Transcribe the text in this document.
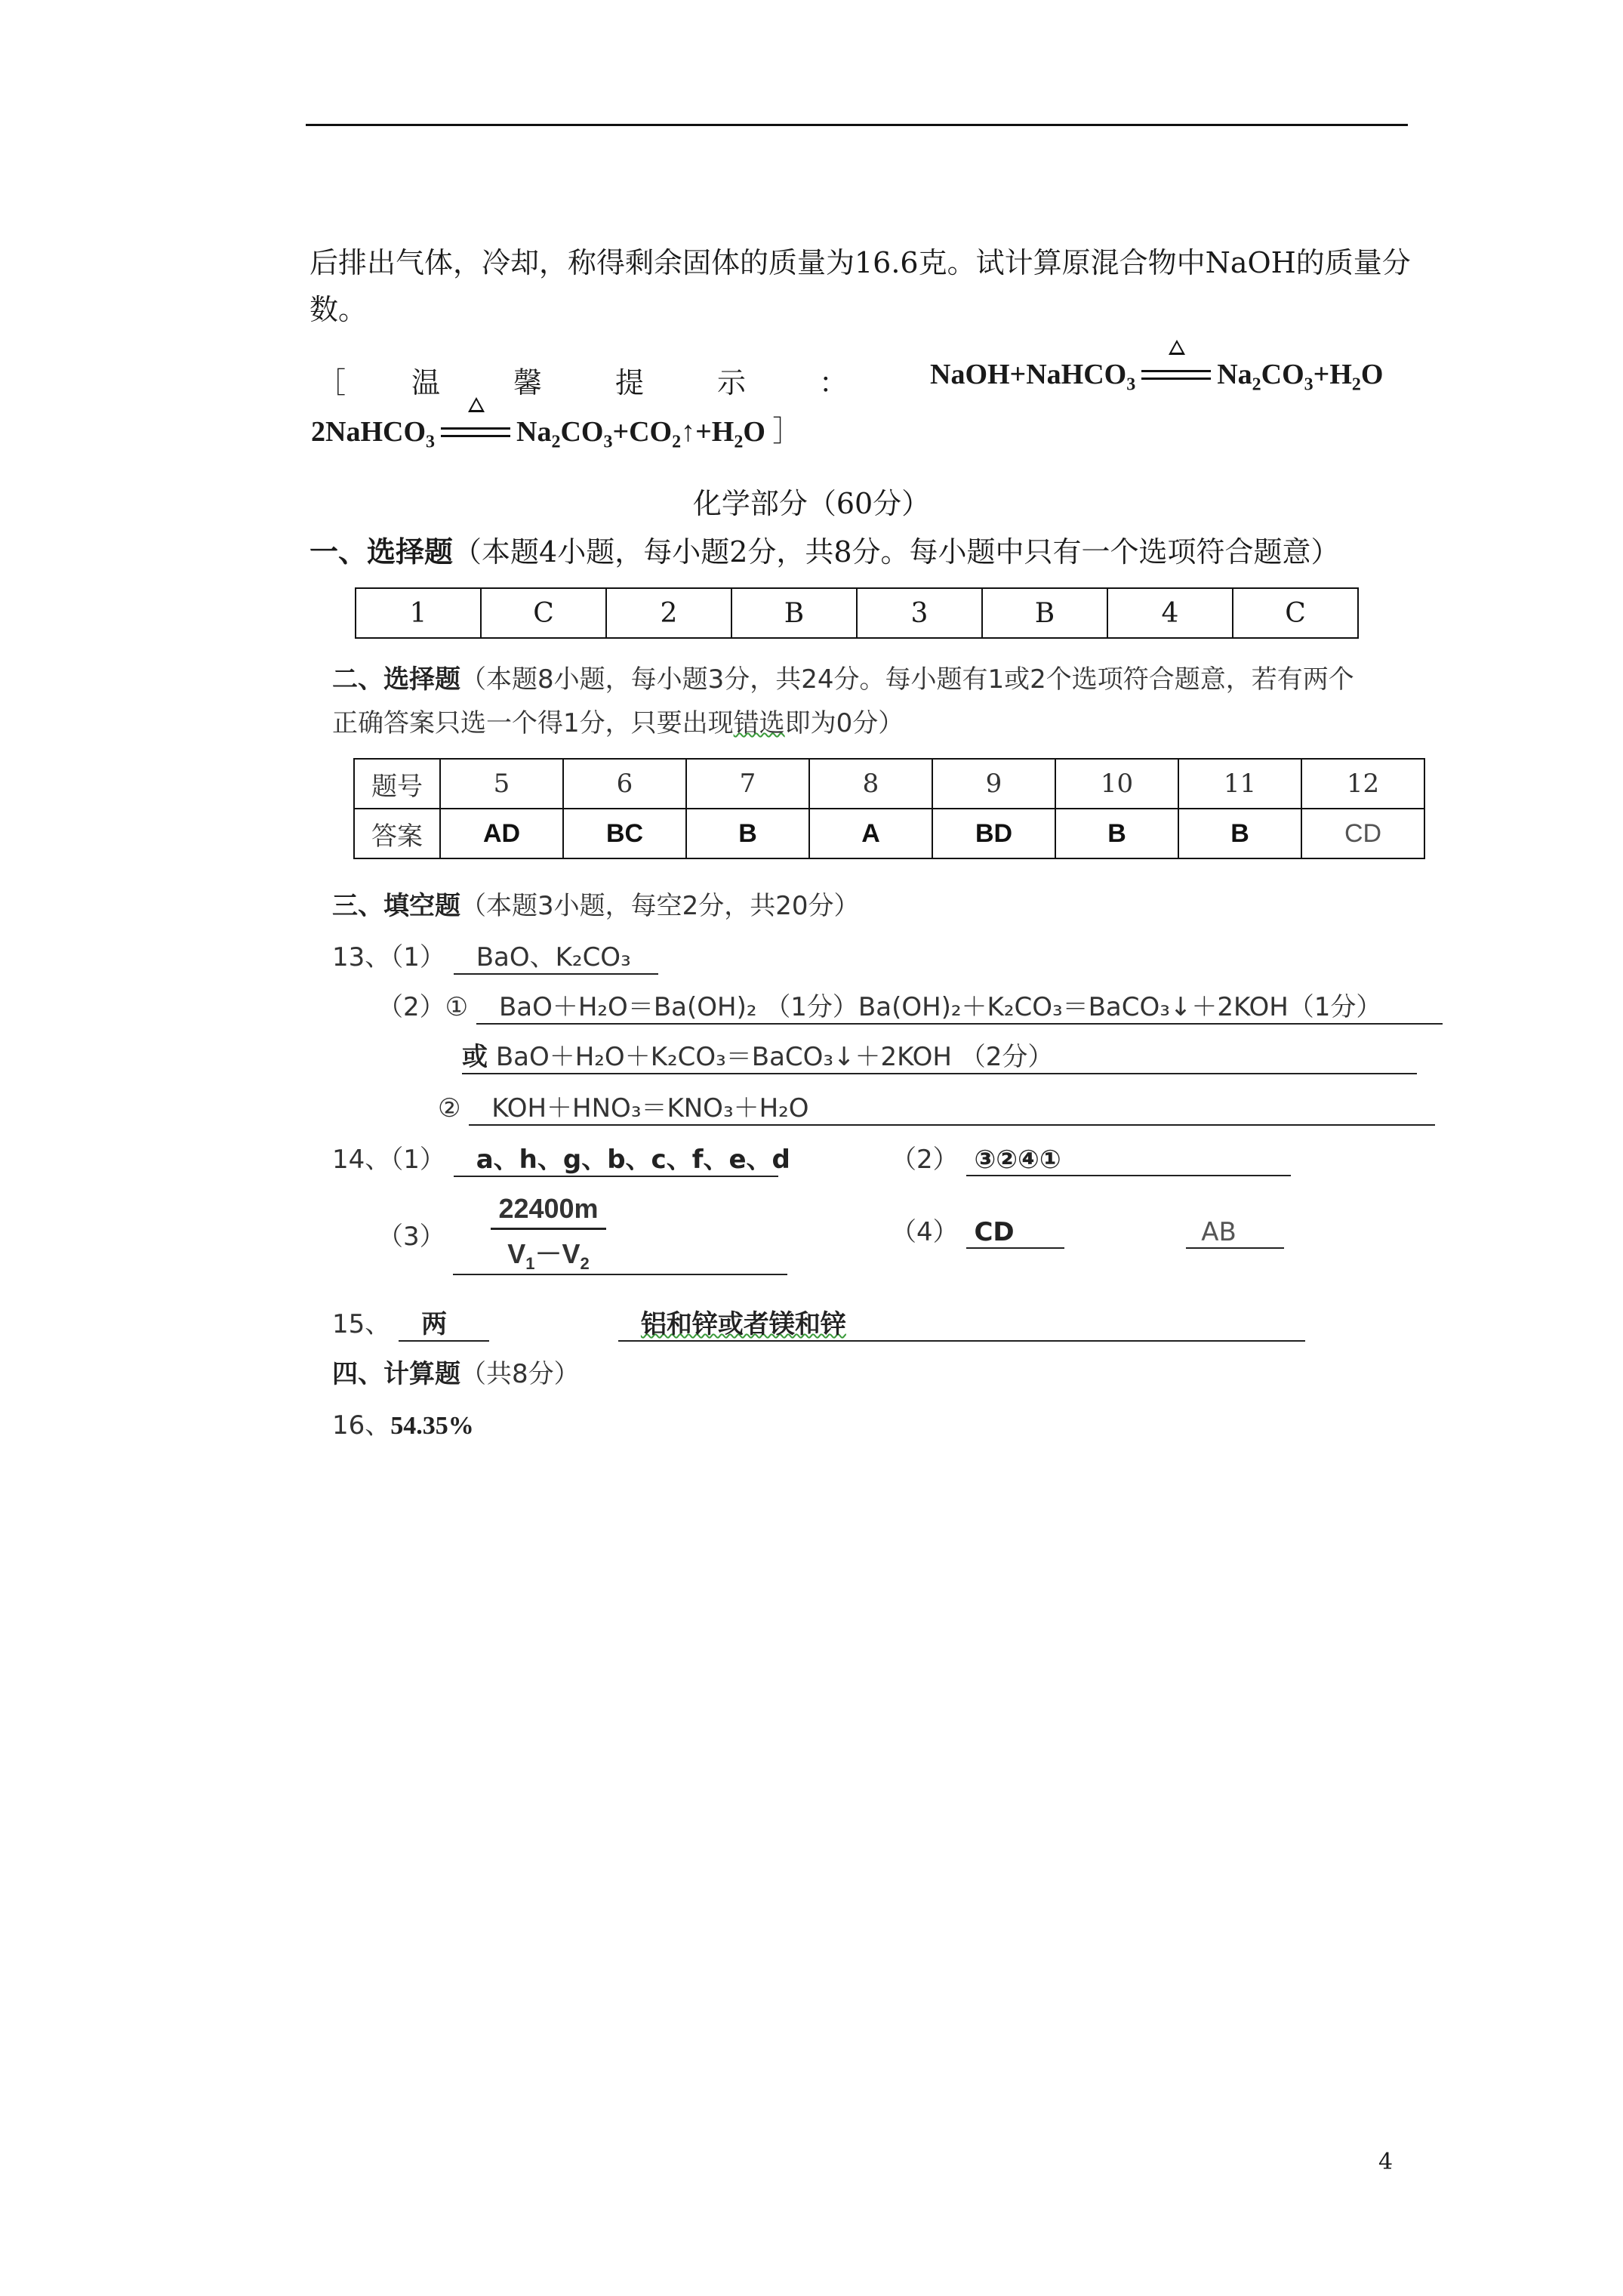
后排出气体，冷却，称得剩余固体的质量为16.6克。试计算原混合物中NaOH的质量分
数。
［ 温	馨	提	示	：	NaOH+NaHCO$_3$	$Na_2CO_3+H_2O$
2NaHCO$_3$	$Na_2CO_3+CO_2↑+H_2O$ ］
化学部分（60分）
一、选择题（本题4小题，每小题2分，共8分。每小题中只有一个选项符合题意）
1	C	2	B	3	B	4	C
二、选择题（本题8小题，每小题3分，共24分。每小题有1或2个选项符合题意，若有两个
正确答案只选一个得1分，只要出现错选即为0分）
题号	5	6	7	8	9	10	11	12
答案	AD	BC	B	A	BD	B	B	CD
三、填空题（本题3小题，每空2分，共20分）
13、（1） BaO、K₂CO₃
（2）① BaO＋H₂O＝Ba(OH)₂ （1分）Ba(OH)₂＋K₂CO₃＝BaCO₃↓＋2KOH（1分）
或 BaO＋H₂O＋K₂CO₃＝BaCO₃↓＋2KOH （2分）
② KOH＋HNO₃＝KNO₃＋H₂O
14、（1） a、h、g、b、c、f、e、d	（2） ③②④①
$(3) \frac{22400m}{V_1-V_2}$	（4） CD	AB
15、 两	铝和锌或者镁和锌
四、计算题（共8分）
16、54.35%
4
